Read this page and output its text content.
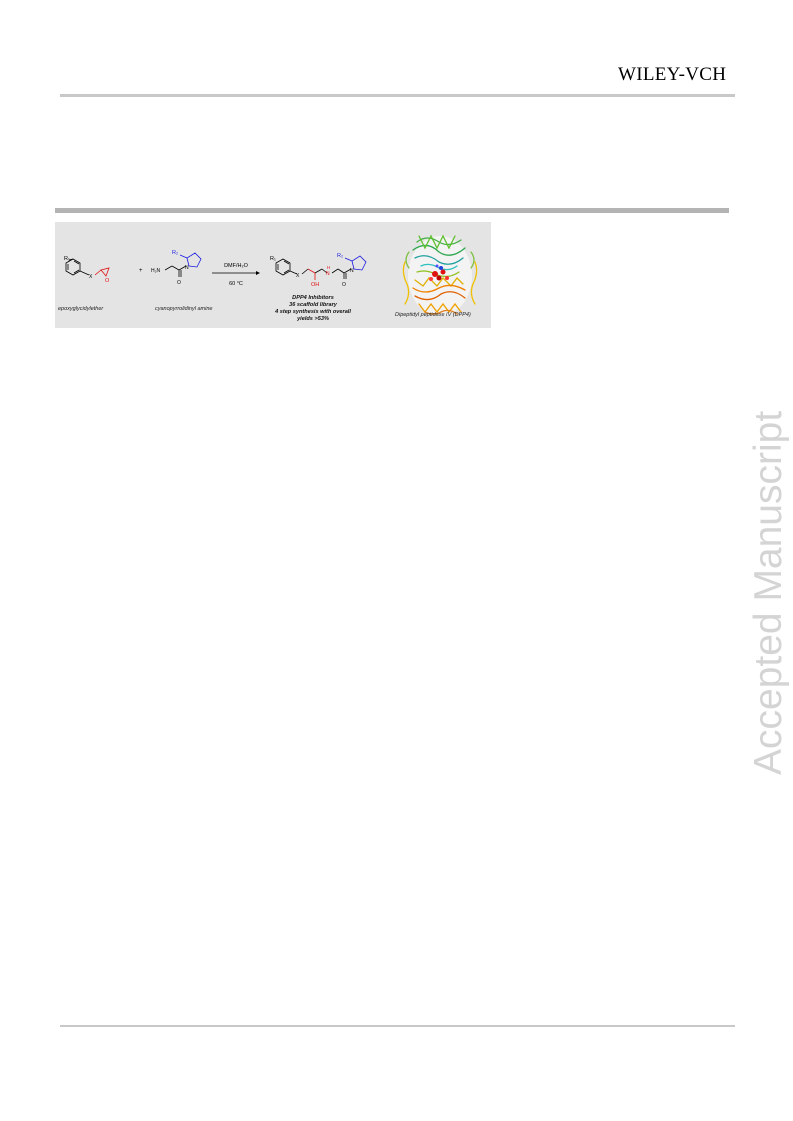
WILEY-VCH
R₁
X
O
+ H₂N	N
O
R₂
DMF/H₂O
60 °C
R₁
X
OH
N
H
N
O
R₂
epoxyglycidylether	cyanopyrrolidinyl amine
DPP4 Inhibitors
36 scaffold library
4 step synthesis with overall
yields >53%
Dipeptidyl peptidase IV (DPP4)
Accepted Manuscript
